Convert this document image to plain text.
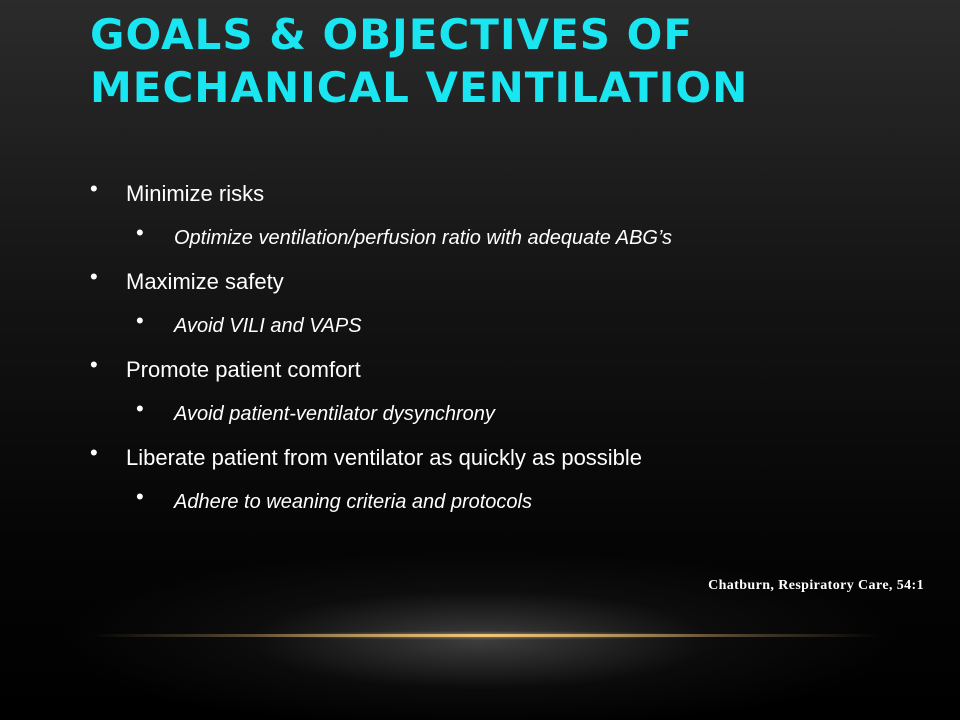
GOALS & OBJECTIVES OF
MECHANICAL VENTILATION
• Minimize risks
• Optimize ventilation/perfusion ratio with adequate ABG’s
• Maximize safety
• Avoid VILI and VAPS
• Promote patient comfort
• Avoid patient-ventilator dysynchrony
• Liberate patient from ventilator as quickly as possible
• Adhere to weaning criteria and protocols
Chatburn, Respiratory Care, 54:1
